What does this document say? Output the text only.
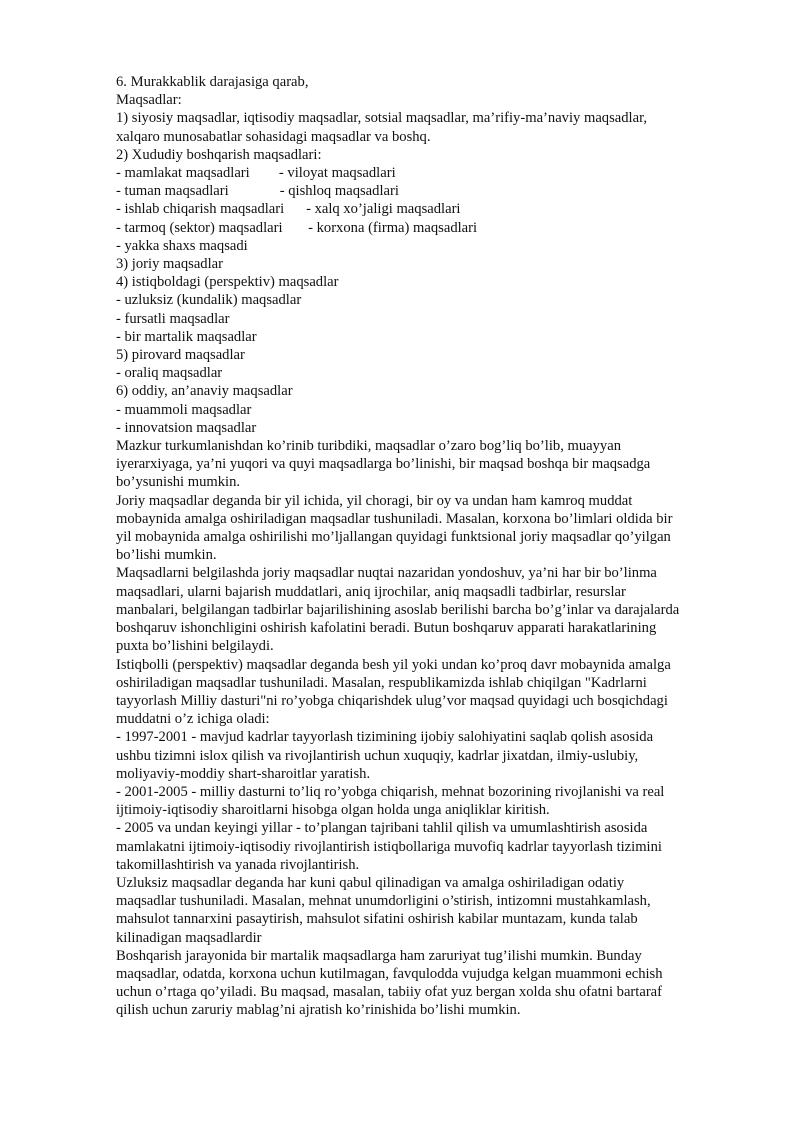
6. Murakkablik darajasiga qarab,
Maqsadlar:
1) siyosiy maqsadlar, iqtisodiy maqsadlar, sotsial maqsadlar, ma’rifiy-ma’naviy maqsadlar,
xalqaro munosabatlar sohasidagi maqsadlar va boshq.
2) Xududiy boshqarish maqsadlari:
- mamlakat maqsadlari        - viloyat maqsadlari
- tuman maqsadlari              - qishloq maqsadlari
- ishlab chiqarish maqsadlari      - xalq xo’jaligi maqsadlari
- tarmoq (sektor) maqsadlari       - korxona (firma) maqsadlari
- yakka shaxs maqsadi
3) joriy maqsadlar
4) istiqboldagi (perspektiv) maqsadlar
- uzluksiz (kundalik) maqsadlar
- fursatli maqsadlar
- bir martalik maqsadlar
5) pirovard maqsadlar
- oraliq maqsadlar
6) oddiy, an’anaviy maqsadlar
- muammoli maqsadlar
- innovatsion maqsadlar
Mazkur turkumlanishdan ko’rinib turibdiki, maqsadlar o’zaro bog’liq bo’lib, muayyan
iyerarxiyaga, ya’ni yuqori va quyi maqsadlarga bo’linishi, bir maqsad boshqa bir maqsadga
bo’ysunishi mumkin.
Joriy maqsadlar deganda bir yil ichida, yil choragi, bir oy va undan ham kamroq muddat
mobaynida amalga oshiriladigan maqsadlar tushuniladi. Masalan, korxona bo’limlari oldida bir
yil mobaynida amalga oshirilishi mo’ljallangan quyidagi funktsional joriy maqsadlar qo’yilgan
bo’lishi mumkin.
Maqsadlarni belgilashda joriy maqsadlar nuqtai nazaridan yondoshuv, ya’ni har bir bo’linma
maqsadlari, ularni bajarish muddatlari, aniq ijrochilar, aniq maqsadli tadbirlar, resurslar
manbalari, belgilangan tadbirlar bajarilishining asoslab berilishi barcha bo’g’inlar va darajalarda
boshqaruv ishonchligini oshirish kafolatini beradi. Butun boshqaruv apparati harakatlarining
puxta bo’lishini belgilaydi.
Istiqbolli (perspektiv) maqsadlar deganda besh yil yoki undan ko’proq davr mobaynida amalga
oshiriladigan maqsadlar tushuniladi. Masalan, respublikamizda ishlab chiqilgan "Kadrlarni
tayyorlash Milliy dasturi"ni ro’yobga chiqarishdek ulug’vor maqsad quyidagi uch bosqichdagi
muddatni o’z ichiga oladi:
- 1997-2001 - mavjud kadrlar tayyorlash tizimining ijobiy salohiyatini saqlab qolish asosida
ushbu tizimni islox qilish va rivojlantirish uchun xuquqiy, kadrlar jixatdan, ilmiy-uslubiy,
moliyaviy-moddiy shart-sharoitlar yaratish.
- 2001-2005 - milliy dasturni to’liq ro’yobga chiqarish, mehnat bozorining rivojlanishi va real
ijtimoiy-iqtisodiy sharoitlarni hisobga olgan holda unga aniqliklar kiritish.
- 2005 va undan keyingi yillar - to’plangan tajribani tahlil qilish va umumlashtirish asosida
mamlakatni ijtimoiy-iqtisodiy rivojlantirish istiqbollariga muvofiq kadrlar tayyorlash tizimini
takomillashtirish va yanada rivojlantirish.
Uzluksiz maqsadlar deganda har kuni qabul qilinadigan va amalga oshiriladigan odatiy
maqsadlar tushuniladi. Masalan, mehnat unumdorligini o’stirish, intizomni mustahkamlash,
mahsulot tannarxini pasaytirish, mahsulot sifatini oshirish kabilar muntazam, kunda talab
kilinadigan maqsadlardir
Boshqarish jarayonida bir martalik maqsadlarga ham zaruriyat tug’ilishi mumkin. Bunday
maqsadlar, odatda, korxona uchun kutilmagan, favqulodda vujudga kelgan muammoni echish
uchun o’rtaga qo’yiladi. Bu maqsad, masalan, tabiiy ofat yuz bergan xolda shu ofatni bartaraf
qilish uchun zaruriy mablag’ni ajratish ko’rinishida bo’lishi mumkin.
